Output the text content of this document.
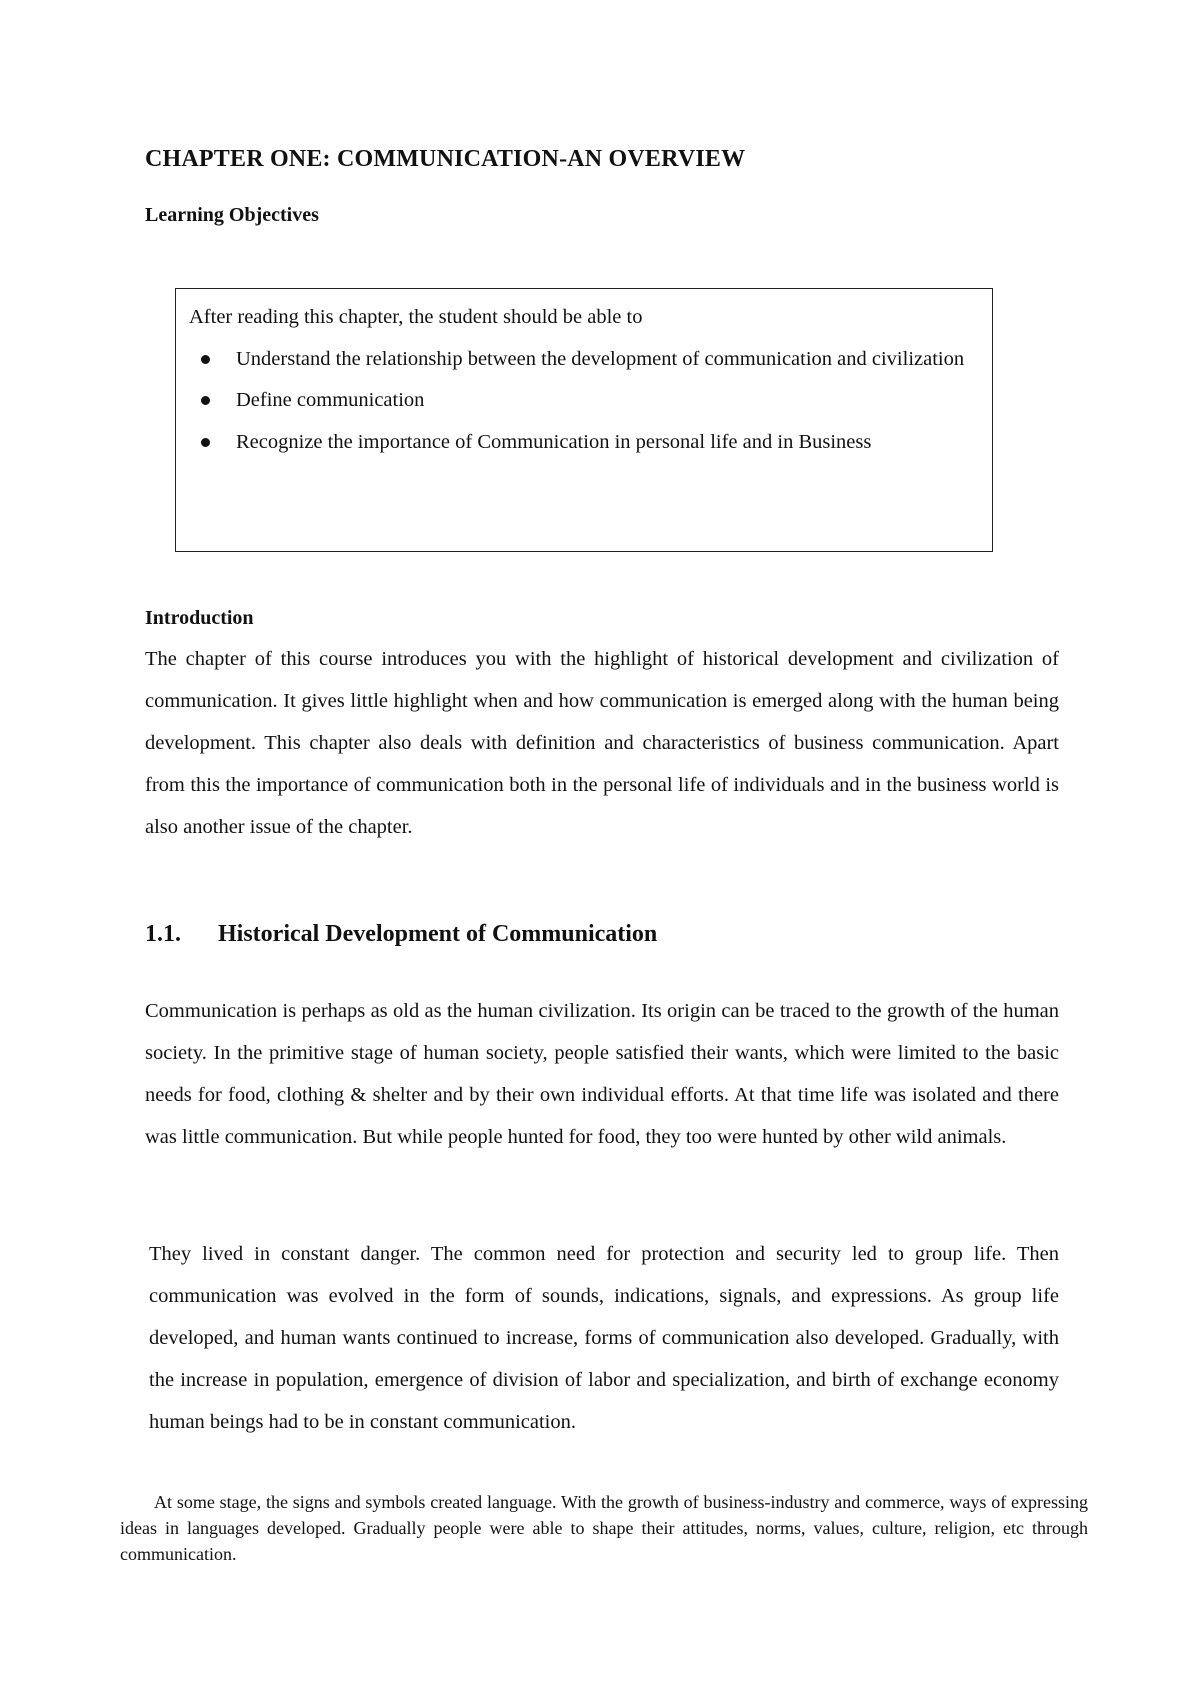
CHAPTER ONE: COMMUNICATION-AN OVERVIEW
Learning Objectives

After reading this chapter, the student should be able to

Understand the relationship between the development of communication and civilization
Define communication
Recognize the importance of Communication in personal life and in Business
Introduction
The chapter of this course introduces you with the highlight of historical development and civilization of communication. It gives little highlight when and how communication is emerged along with the human being development. This chapter also deals with definition and characteristics of business communication. Apart from this the importance of communication both in the personal life of individuals and in the business world is also another issue of the chapter.
1.1. Historical Development of Communication
Communication is perhaps as old as the human civilization. Its origin can be traced to the growth of the human society. In the primitive stage of human society, people satisfied their wants, which were limited to the basic needs for food, clothing & shelter and by their own individual efforts. At that time life was isolated and there was little communication. But while people hunted for food, they too were hunted by other wild animals.
They lived in constant danger. The common need for protection and security led to group life. Then communication was evolved in the form of sounds, indications, signals, and expressions. As group life developed, and human wants continued to increase, forms of communication also developed. Gradually, with the increase in population, emergence of division of labor and specialization, and birth of exchange economy human beings had to be in constant communication.
At some stage, the signs and symbols created language. With the growth of business-industry and commerce, ways of expressing ideas in languages developed. Gradually people were able to shape their attitudes, norms, values, culture, religion, etc through communication.
